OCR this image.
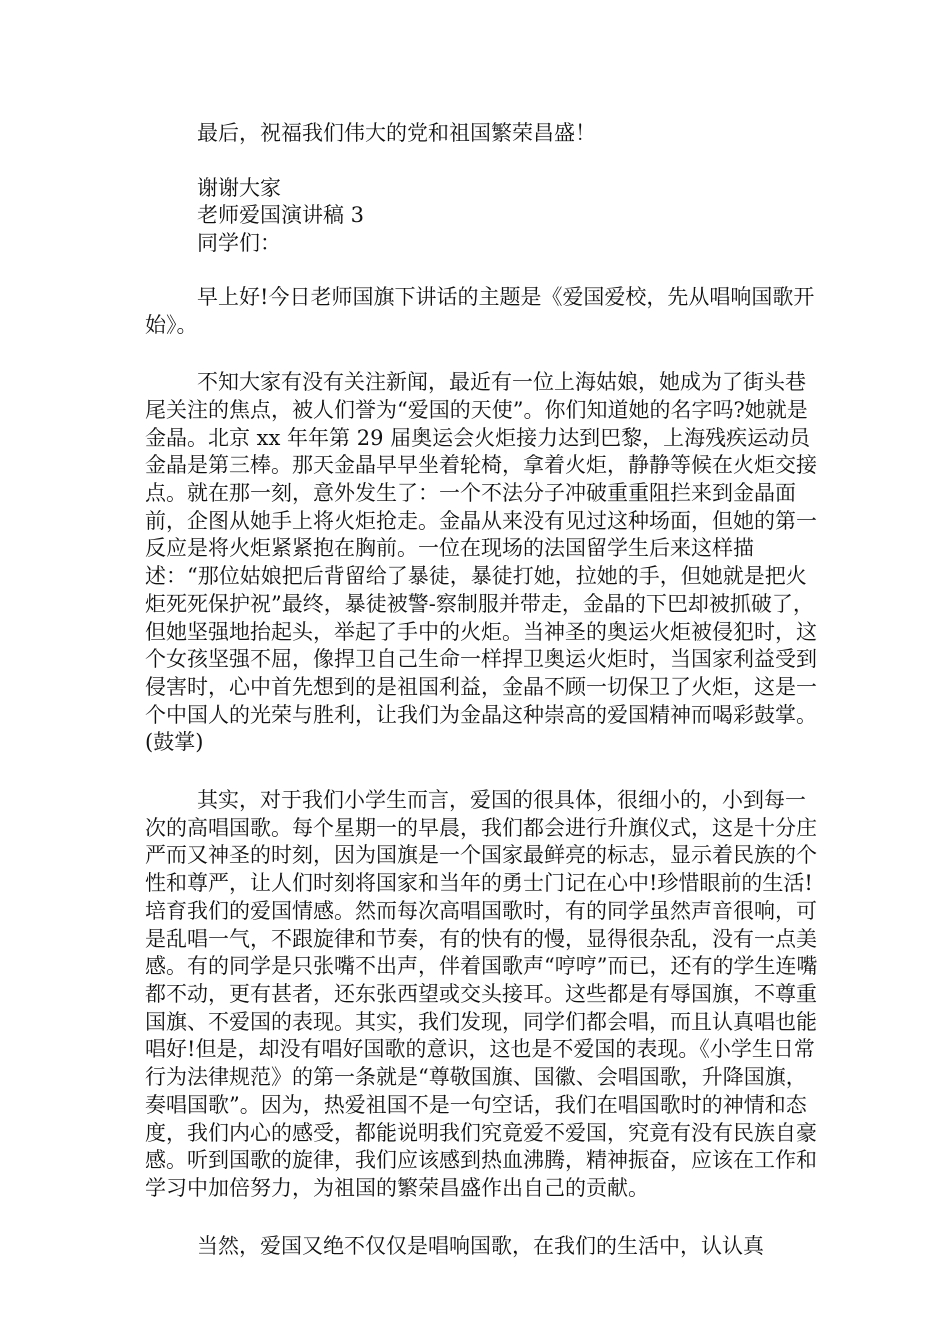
最后，祝福我们伟大的党和祖国繁荣昌盛！

谢谢大家

老师爱国演讲稿 3

同学们：

早上好!今日老师国旗下讲话的主题是《爱国爱校，先从唱响国歌开始》。

不知大家有没有关注新闻，最近有一位上海姑娘，她成为了街头巷尾关注的焦点，被人们誉为“爱国的天使”。你们知道她的名字吗?她就是金晶。北京 xx 年年第 29 届奥运会火炬接力达到巴黎，上海残疾运动员金晶是第三棒。那天金晶早早坐着轮椅，拿着火炬，静静等候在火炬交接点。就在那一刻，意外发生了：一个不法分子冲破重重阻拦来到金晶面前，企图从她手上将火炬抢走。金晶从来没有见过这种场面，但她的第一反应是将火炬紧紧抱在胸前。一位在现场的法国留学生后来这样描述：“那位姑娘把后背留给了暴徒，暴徒打她，拉她的手，但她就是把火炬死死保护祝”最终，暴徒被警-察制服并带走，金晶的下巴却被抓破了，但她坚强地抬起头，举起了手中的火炬。当神圣的奥运火炬被侵犯时，这个女孩坚强不屈，像捍卫自己生命一样捍卫奥运火炬时，当国家利益受到侵害时，心中首先想到的是祖国利益，金晶不顾一切保卫了火炬，这是一个中国人的光荣与胜利，让我们为金晶这种崇高的爱国精神而喝彩鼓掌。(鼓掌)

其实，对于我们小学生而言，爱国的很具体，很细小的，小到每一次的高唱国歌。每个星期一的早晨，我们都会进行升旗仪式，这是十分庄严而又神圣的时刻，因为国旗是一个国家最鲜亮的标志，显示着民族的个性和尊严，让人们时刻将国家和当年的勇士门记在心中!珍惜眼前的生活!培育我们的爱国情感。然而每次高唱国歌时，有的同学虽然声音很响，可是乱唱一气，不跟旋律和节奏，有的快有的慢，显得很杂乱，没有一点美感。有的同学是只张嘴不出声，伴着国歌声“哼哼”而已，还有的学生连嘴都不动，更有甚者，还东张西望或交头接耳。这些都是有辱国旗，不尊重国旗、不爱国的表现。其实，我们发现，同学们都会唱，而且认真唱也能唱好!但是，却没有唱好国歌的意识，这也是不爱国的表现。《小学生日常行为法律规范》的第一条就是“尊敬国旗、国徽、会唱国歌，升降国旗，奏唱国歌”。因为，热爱祖国不是一句空话，我们在唱国歌时的神情和态度，我们内心的感受，都能说明我们究竟爱不爱国，究竟有没有民族自豪感。听到国歌的旋律，我们应该感到热血沸腾，精神振奋，应该在工作和学习中加倍努力，为祖国的繁荣昌盛作出自己的贡献。

当然，爱国又绝不仅仅是唱响国歌，在我们的生活中，认认真
